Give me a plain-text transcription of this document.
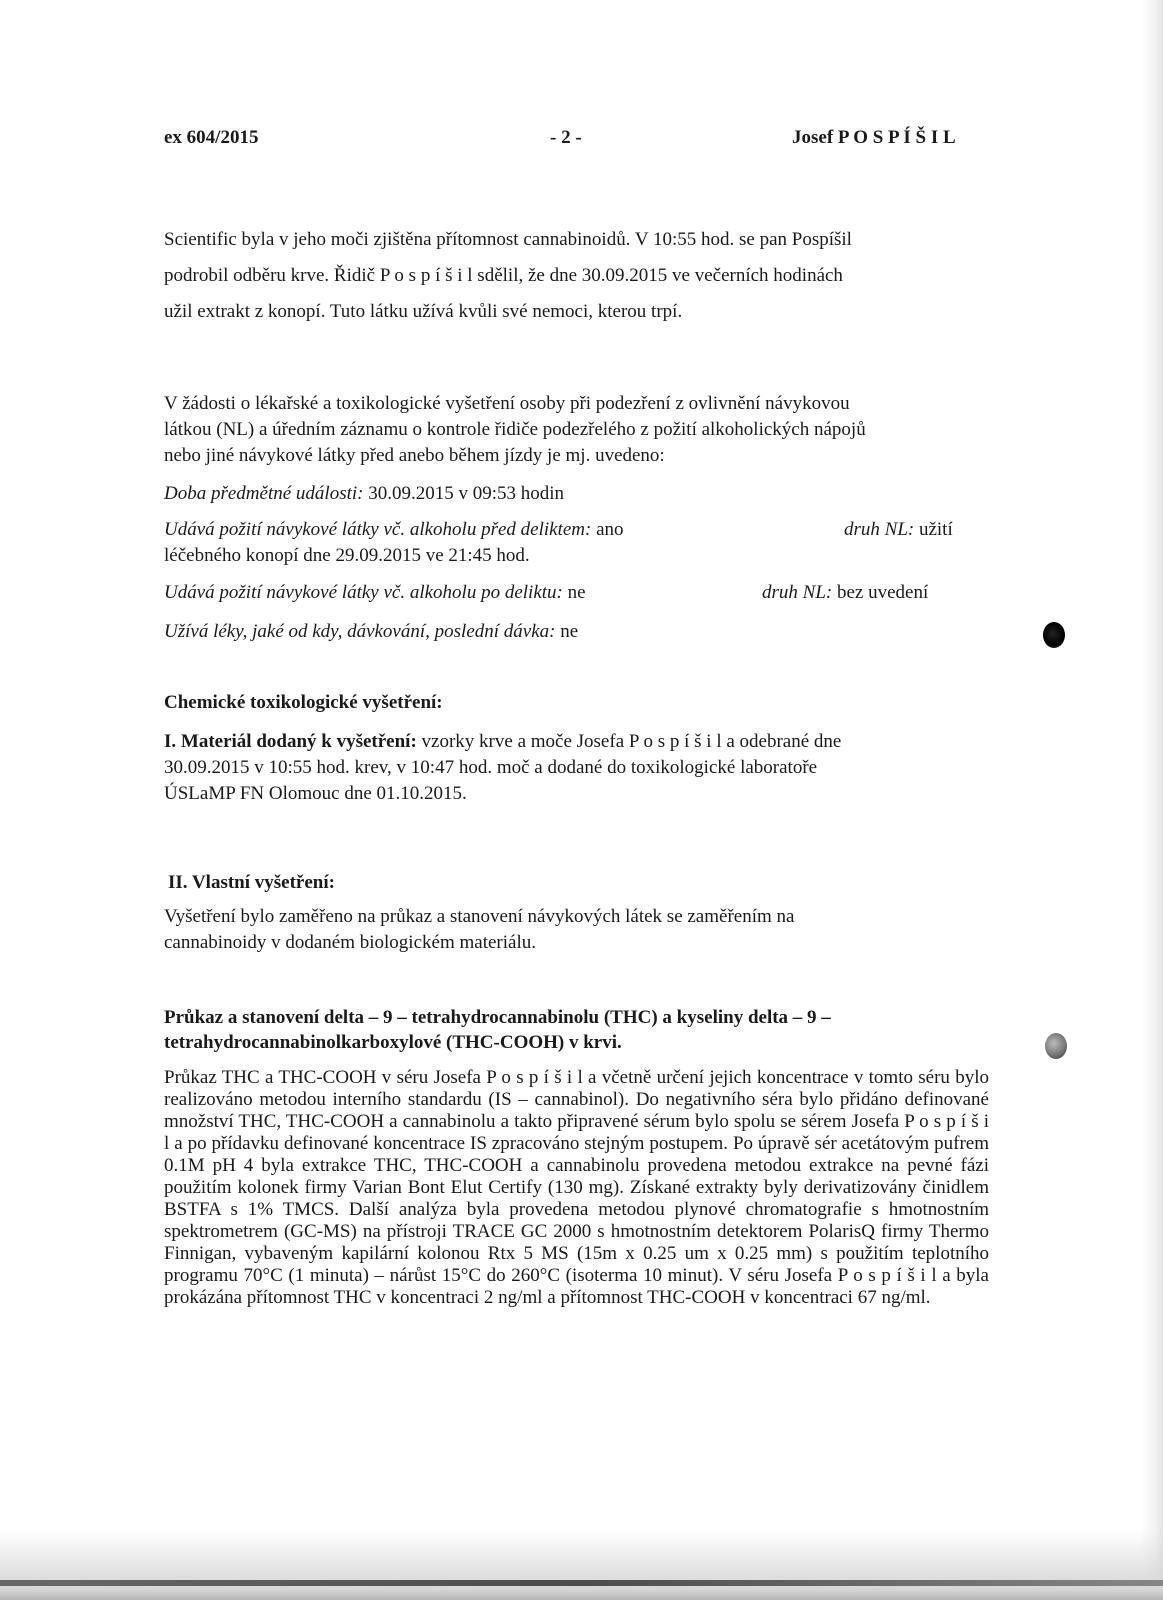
ex 604/2015	- 2 -	Josef P O S P Í Š I L
Scientific byla v jeho moči zjištěna přítomnost cannabinoidů. V 10:55 hod. se pan Pospíšil
podrobil odběru krve. Řidič P o s p í š i l sdělil, že dne 30.09.2015 ve večerních hodinách
užil extrakt z konopí. Tuto látku užívá kvůli své nemoci, kterou trpí.
V žádosti o lékařské a toxikologické vyšetření osoby při podezření z ovlivnění návykovou
látkou (NL) a úředním záznamu o kontrole řidiče podezřelého z požití alkoholických nápojů
nebo jiné návykové látky před anebo během jízdy je mj. uvedeno:
Doba předmětné události: 30.09.2015 v 09:53 hodin
Udává požití návykové látky vč. alkoholu před deliktem: ano	druh NL: užití
léčebného konopí dne 29.09.2015 ve 21:45 hod.
Udává požití návykové látky vč. alkoholu po deliktu: ne	druh NL: bez uvedení
Užívá léky, jaké od kdy, dávkování, poslední dávka: ne
Chemické toxikologické vyšetření:
I. Materiál dodaný k vyšetření: vzorky krve a moče Josefa P o s p í š i l a odebrané dne
30.09.2015 v 10:55 hod. krev, v 10:47 hod. moč a dodané do toxikologické laboratoře
ÚSLaMP FN Olomouc dne 01.10.2015.
II. Vlastní vyšetření:
Vyšetření bylo zaměřeno na průkaz a stanovení návykových látek se zaměřením na
cannabinoidy v dodaném biologickém materiálu.
Průkaz a stanovení delta – 9 – tetrahydrocannabinolu (THC) a kyseliny delta – 9 –
tetrahydrocannabinolkarboxylové (THC-COOH) v krvi.
Průkaz THC a THC-COOH v séru Josefa P o s p í š i l a včetně určení jejich koncentrace v tomto séru bylo realizováno metodou interního standardu (IS – cannabinol). Do negativního séra bylo přidáno definované množství THC, THC-COOH a cannabinolu a takto připravené sérum bylo spolu se sérem Josefa P o s p í š i l a po přídavku definované koncentrace IS zpracováno stejným postupem. Po úpravě sér acetátovým pufrem 0.1M pH 4 byla extrakce THC, THC-COOH a cannabinolu provedena metodou extrakce na pevné fázi použitím kolonek firmy Varian Bont Elut Certify (130 mg). Získané extrakty byly derivatizovány činidlem BSTFA s 1% TMCS. Další analýza byla provedena metodou plynové chromatografie s hmotnostním spektrometrem (GC-MS) na přístroji TRACE GC 2000 s hmotnostním detektorem PolarisQ firmy Thermo Finnigan, vybaveným kapilární kolonou Rtx 5 MS (15m x 0.25 um x 0.25 mm) s použitím teplotního programu 70°C (1 minuta) – nárůst 15°C do 260°C (isoterma 10 minut). V séru Josefa P o s p í š i l a byla prokázána přítomnost THC v koncentraci 2 ng/ml a přítomnost THC-COOH v koncentraci 67 ng/ml.
